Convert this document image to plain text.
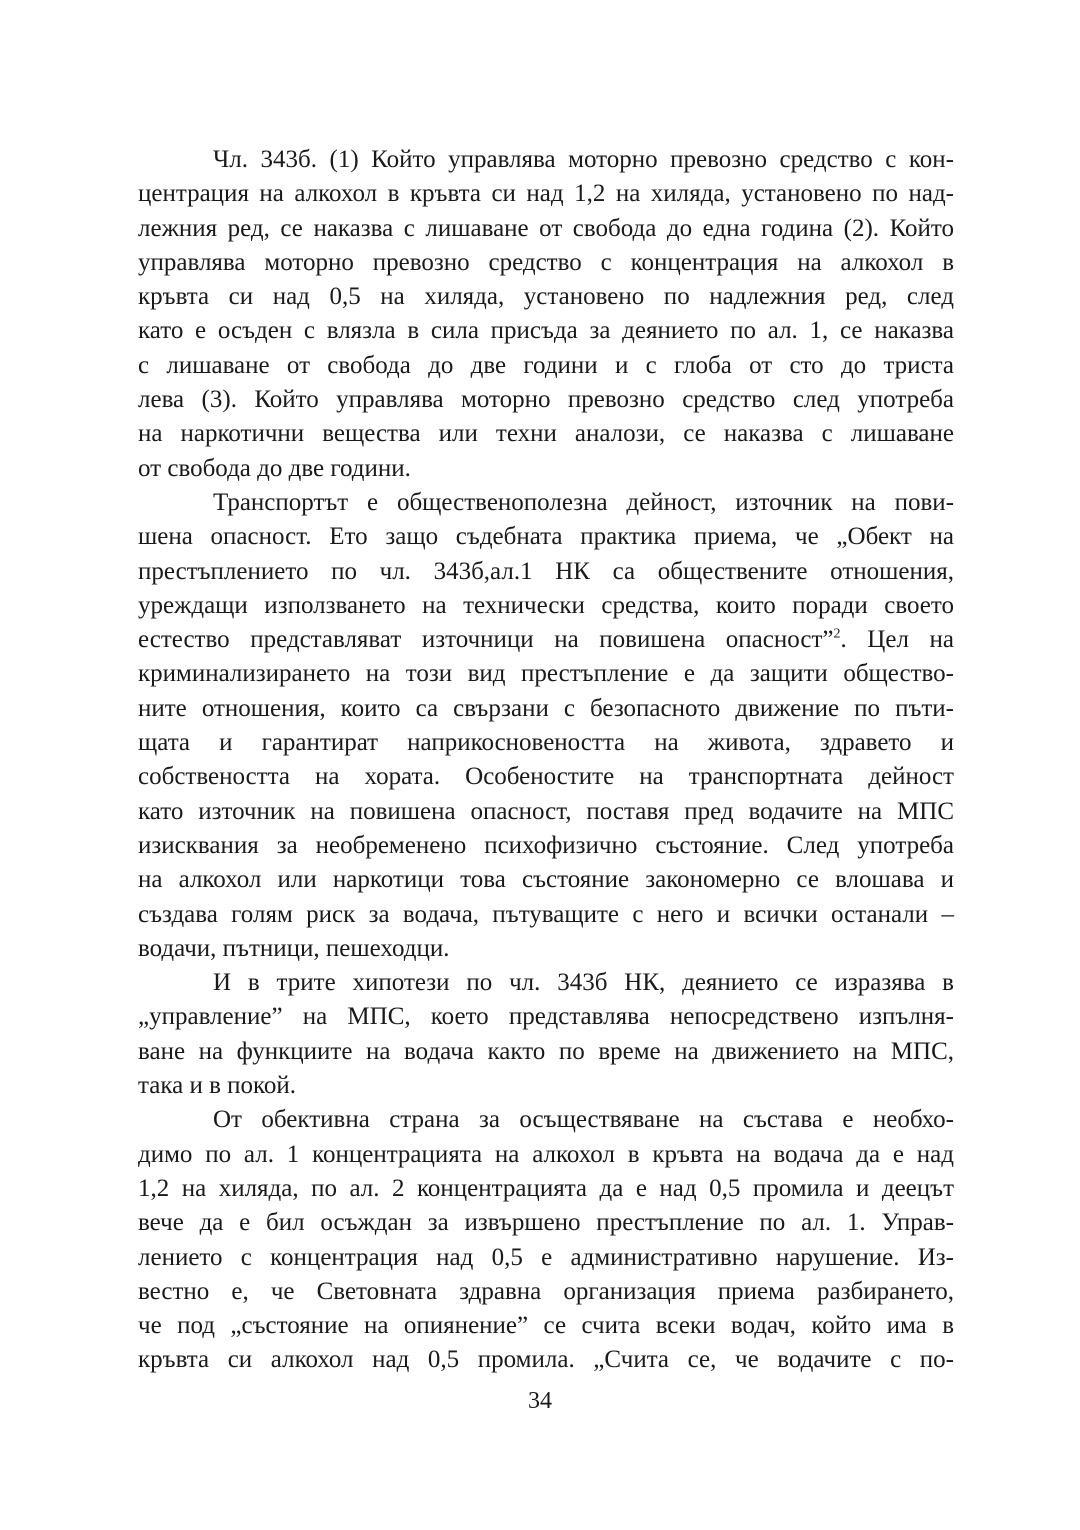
Чл. 343б. (1) Който управлява моторно превозно средство с кон-
центрация на алкохол в кръвта си над 1,2 на хиляда, установено по над-
лежния ред, се наказва с лишаване от свобода до една година (2). Който
управлява моторно превозно средство с концентрация на алкохол в
кръвта си над 0,5 на хиляда, установено по надлежния ред, след
като е осъден с влязла в сила присъда за деянието по ал. 1, се наказва
с лишаване от свобода до две години и с глоба от сто до триста
лева (3). Който управлява моторно превозно средство след употреба
на наркотични вещества или техни аналози, се наказва с лишаване
от свобода до две години.
Транспортът е общественополезна дейност, източник на пови-
шена опасност. Ето защо съдебната практика приема, че „Обект на
престъплението по чл. 343б,ал.1 НК са обществените отношения,
уреждащи използването на технически средства, които поради своето
естество представляват източници на повишена опасност”$^2$. Цел на
криминализирането на този вид престъпление е да защити общество-
ните отношения, които са свързани с безопасното движение по пъти-
щата и гарантират наприкосновеността на живота, здравето и
собствеността на хората. Особеностите на транспортната дейност
като източник на повишена опасност, поставя пред водачите на МПС
изисквания за необременено психофизично състояние. След употреба
на алкохол или наркотици това състояние закономерно се влошава и
създава голям риск за водача, пътуващите с него и всички останали –
водачи, пътници, пешеходци.
И в трите хипотези по чл. 343б НК, деянието се изразява в
„управление” на МПС, което представлява непосредствено изпълня-
ване на функциите на водача както по време на движението на МПС,
така и в покой.
От обективна страна за осъществяване на състава е необхо-
димо по ал. 1 концентрацията на алкохол в кръвта на водача да е над
1,2 на хиляда, по ал. 2 концентрацията да е над 0,5 промила и деецът
вече да е бил осъждан за извършено престъпление по ал. 1. Управ-
лението с концентрация над 0,5 е административно нарушение. Из-
вестно е, че Световната здравна организация приема разбирането,
че под „състояние на опиянение” се счита всеки водач, който има в
кръвта си алкохол над 0,5 промила. „Счита се, че водачите с по-
34
